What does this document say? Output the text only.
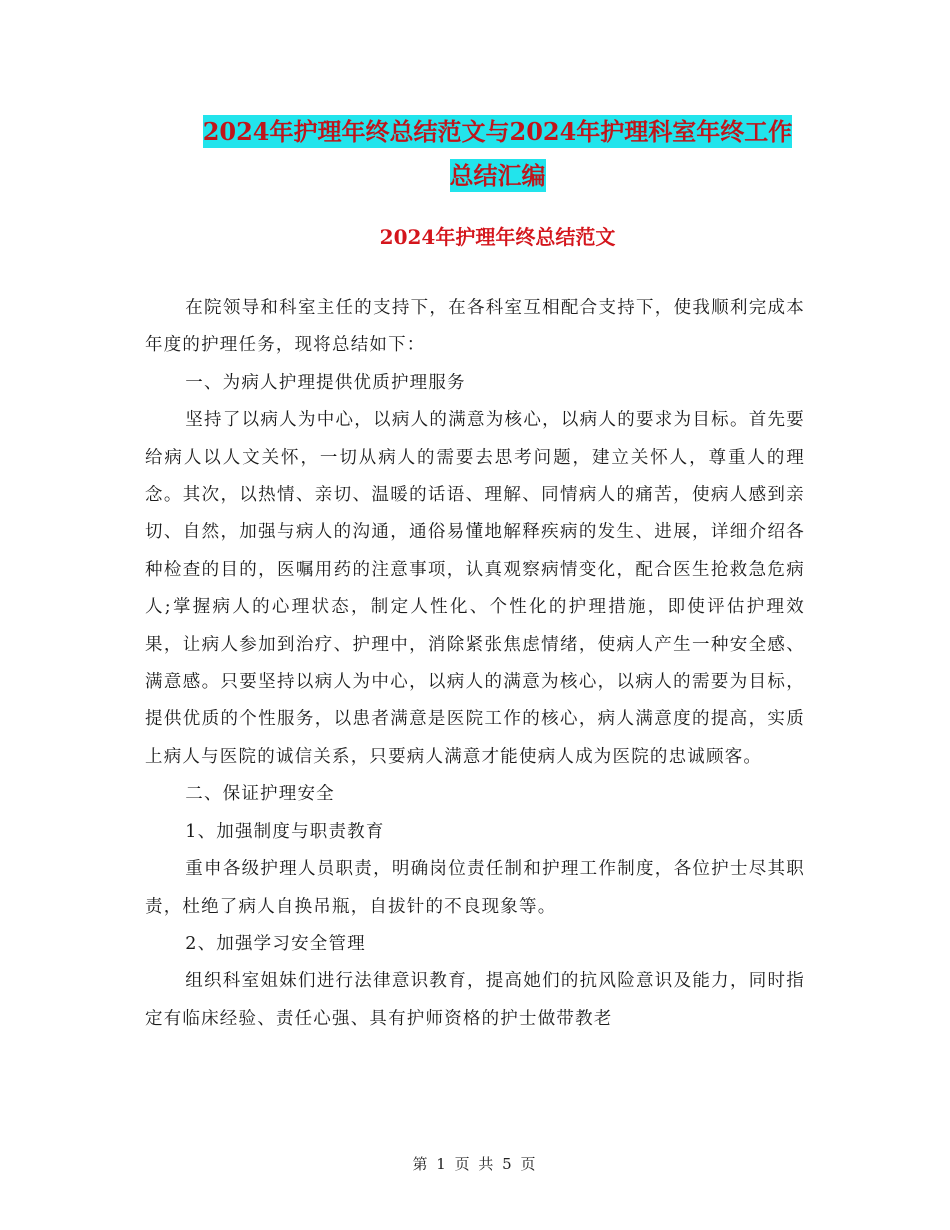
2024年护理年终总结范文与2024年护理科室年终工作
总结汇编
2024年护理年终总结范文

在院领导和科室主任的支持下，在各科室互相配合支持下，使我顺利完成本年度的护理任务，现将总结如下：

一、为病人护理提供优质护理服务

坚持了以病人为中心，以病人的满意为核心，以病人的要求为目标。首先要给病人以人文关怀，一切从病人的需要去思考问题，建立关怀人，尊重人的理念。其次，以热情、亲切、温暖的话语、理解、同情病人的痛苦，使病人感到亲切、自然，加强与病人的沟通，通俗易懂地解释疾病的发生、进展，详细介绍各种检查的目的，医嘱用药的注意事项，认真观察病情变化，配合医生抢救急危病人;掌握病人的心理状态，制定人性化、个性化的护理措施，即使评估护理效果，让病人参加到治疗、护理中，消除紧张焦虑情绪，使病人产生一种安全感、满意感。只要坚持以病人为中心，以病人的满意为核心，以病人的需要为目标，提供优质的个性服务，以患者满意是医院工作的核心，病人满意度的提高，实质上病人与医院的诚信关系，只要病人满意才能使病人成为医院的忠诚顾客。

二、保证护理安全

1、加强制度与职责教育

重申各级护理人员职责，明确岗位责任制和护理工作制度，各位护士尽其职责，杜绝了病人自换吊瓶，自拔针的不良现象等。

2、加强学习安全管理

组织科室姐妹们进行法律意识教育，提高她们的抗风险意识及能力，同时指定有临床经验、责任心强、具有护师资格的护士做带教老

第 1 页 共 5 页
